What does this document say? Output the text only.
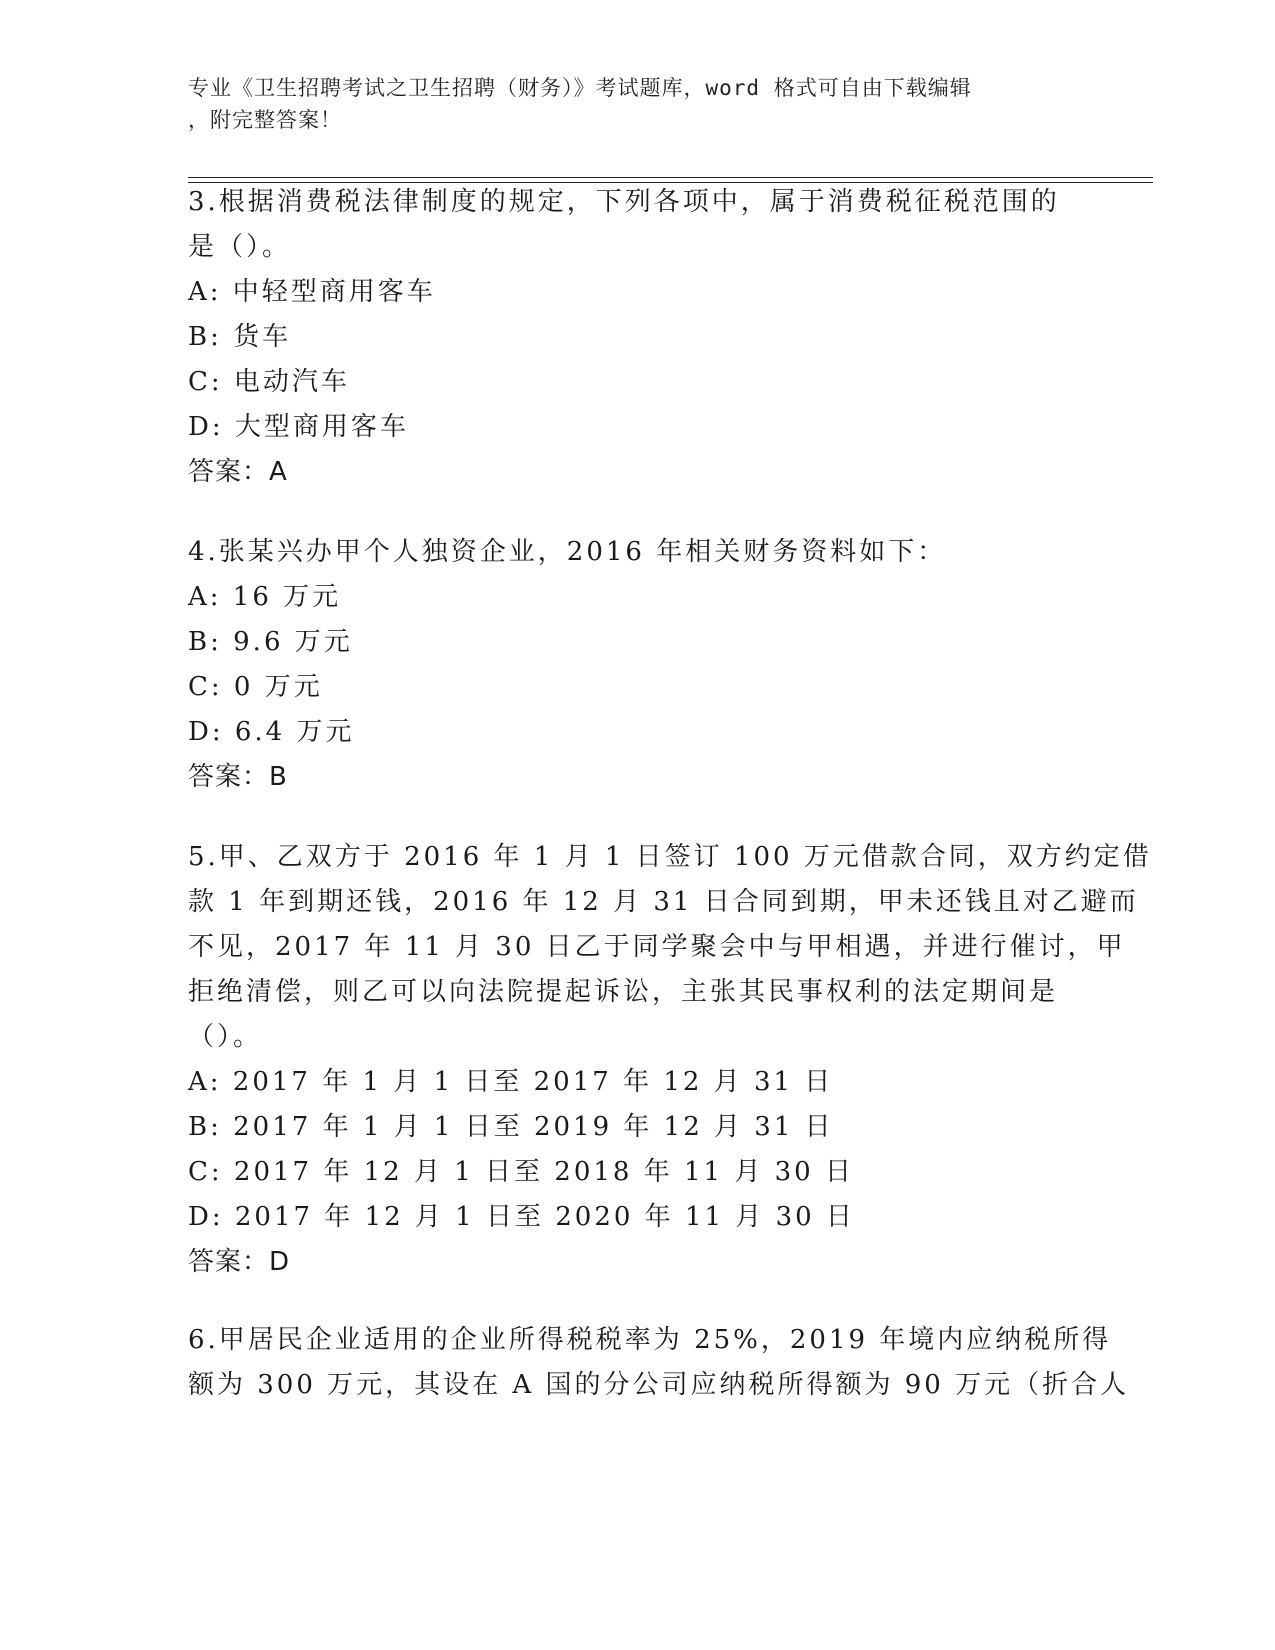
专业《卫生招聘考试之卫生招聘（财务）》考试题库，word 格式可自由下载编辑
，附完整答案！
3.根据消费税法律制度的规定，下列各项中，属于消费税征税范围的
是（）。
A: 中轻型商用客车
B: 货车
C: 电动汽车
D: 大型商用客车
答案：A
4.张某兴办甲个人独资企业，2016 年相关财务资料如下：
A: 16 万元
B: 9.6 万元
C: 0 万元
D: 6.4 万元
答案：B
5.甲、乙双方于 2016 年 1 月 1 日签订 100 万元借款合同，双方约定借
款 1 年到期还钱，2016 年 12 月 31 日合同到期，甲未还钱且对乙避而
不见，2017 年 11 月 30 日乙于同学聚会中与甲相遇，并进行催讨，甲
拒绝清偿，则乙可以向法院提起诉讼，主张其民事权利的法定期间是
（）。
A: 2017 年 1 月 1 日至 2017 年 12 月 31 日
B: 2017 年 1 月 1 日至 2019 年 12 月 31 日
C: 2017 年 12 月 1 日至 2018 年 11 月 30 日
D: 2017 年 12 月 1 日至 2020 年 11 月 30 日
答案：D
6.甲居民企业适用的企业所得税税率为 25%，2019 年境内应纳税所得
额为 300 万元，其设在 A 国的分公司应纳税所得额为 90 万元（折合人
